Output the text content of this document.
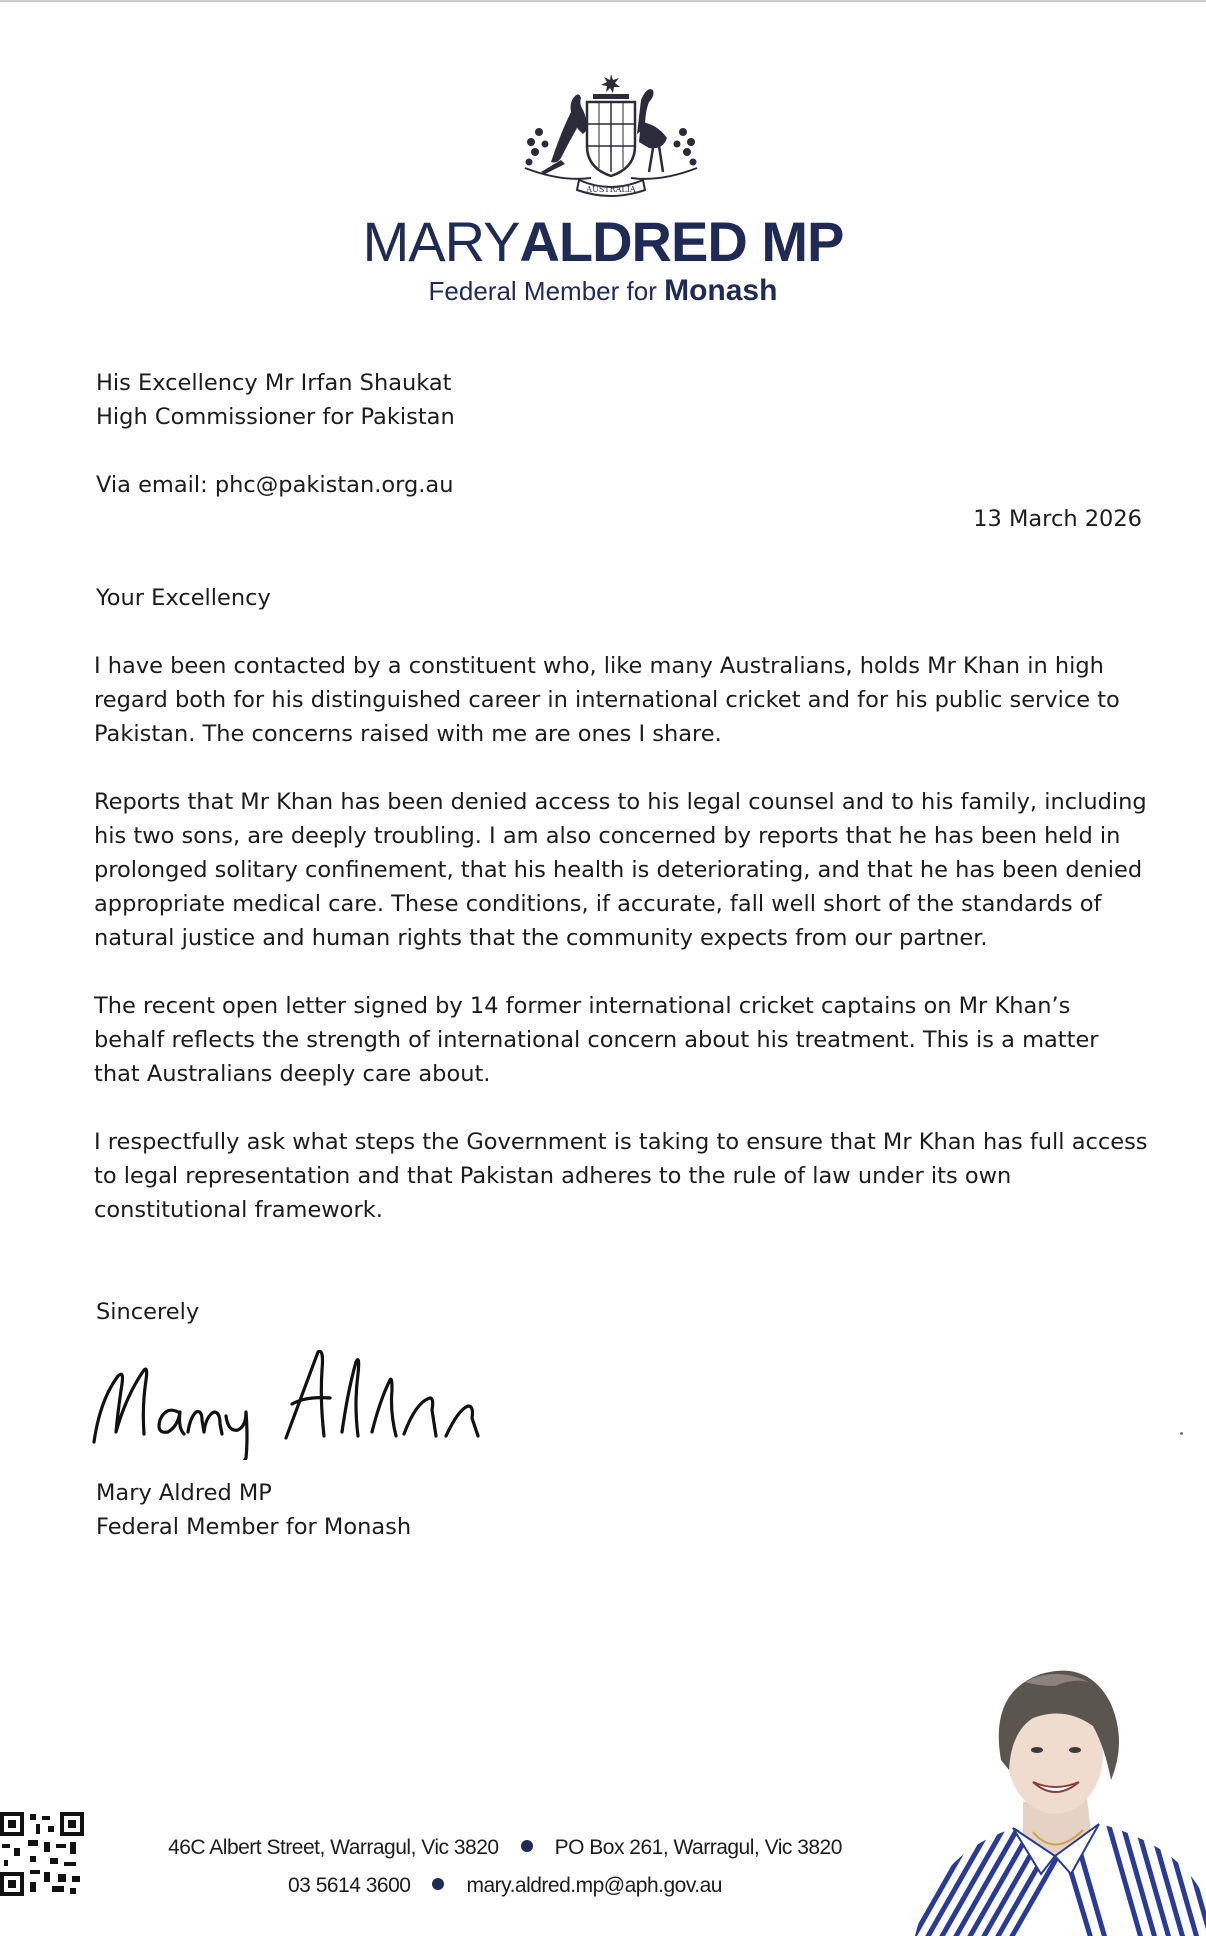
AUSTRALIA
MARYALDRED MP
Federal Member for Monash
His Excellency Mr Irfan Shaukat
High Commissioner for Pakistan
Via email: phc@pakistan.org.au
13 March 2026
Your Excellency
I have been contacted by a constituent who, like many Australians, holds Mr Khan in high
regard both for his distinguished career in international cricket and for his public service to
Pakistan. The concerns raised with me are ones I share.
Reports that Mr Khan has been denied access to his legal counsel and to his family, including
his two sons, are deeply troubling. I am also concerned by reports that he has been held in
prolonged solitary confinement, that his health is deteriorating, and that he has been denied
appropriate medical care. These conditions, if accurate, fall well short of the standards of
natural justice and human rights that the community expects from our partner.
The recent open letter signed by 14 former international cricket captains on Mr Khan’s
behalf reflects the strength of international concern about his treatment. This is a matter
that Australians deeply care about.
I respectfully ask what steps the Government is taking to ensure that Mr Khan has full access
to legal representation and that Pakistan adheres to the rule of law under its own
constitutional framework.
Sincerely
Mary Aldred MP
Federal Member for Monash
46C Albert Street, Warragul, Vic 3820	PO Box 261, Warragul, Vic 3820
03 5614 3600	mary.aldred.mp@aph.gov.au
